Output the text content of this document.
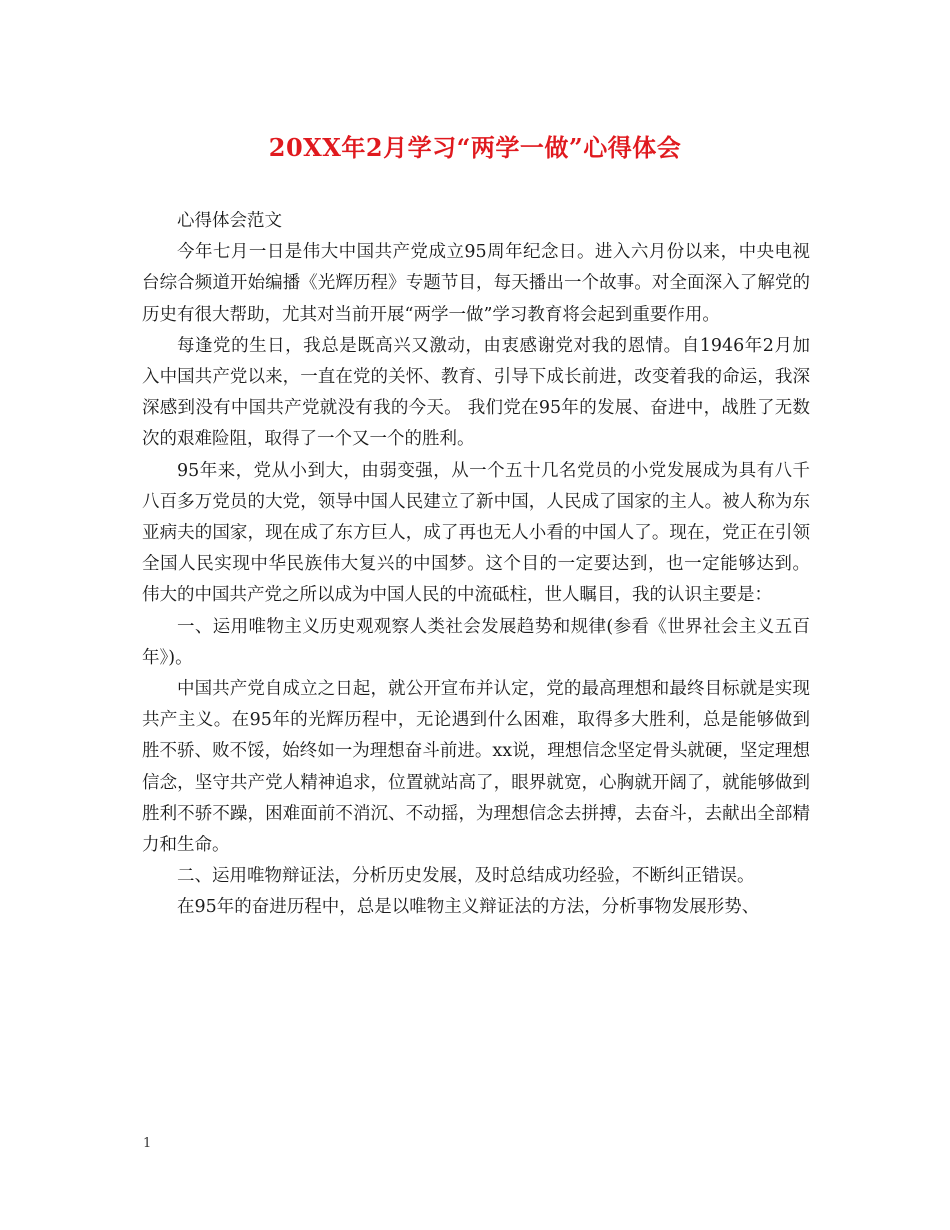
20XX年2月学习“两学一做”心得体会

心得体会范文

今年七月一日是伟大中国共产党成立95周年纪念日。进入六月份以来，中央电视台综合频道开始编播《光辉历程》专题节目，每天播出一个故事。对全面深入了解党的历史有很大帮助，尤其对当前开展“两学一做”学习教育将会起到重要作用。

每逢党的生日，我总是既高兴又激动，由衷感谢党对我的恩情。自1946年2月加入中国共产党以来，一直在党的关怀、教育、引导下成长前进，改变着我的命运，我深深感到没有中国共产党就没有我的今天。 我们党在95年的发展、奋进中，战胜了无数次的艰难险阻，取得了一个又一个的胜利。

95年来，党从小到大，由弱变强，从一个五十几名党员的小党发展成为具有八千八百多万党员的大党，领导中国人民建立了新中国，人民成了国家的主人。被人称为东亚病夫的国家，现在成了东方巨人，成了再也无人小看的中国人了。现在，党正在引领全国人民实现中华民族伟大复兴的中国梦。这个目的一定要达到，也一定能够达到。 伟大的中国共产党之所以成为中国人民的中流砥柱，世人瞩目，我的认识主要是：

一、运用唯物主义历史观观察人类社会发展趋势和规律(参看《世界社会主义五百年》)。

中国共产党自成立之日起，就公开宣布并认定，党的最高理想和最终目标就是实现共产主义。在95年的光辉历程中，无论遇到什么困难，取得多大胜利，总是能够做到胜不骄、败不馁，始终如一为理想奋斗前进。xx说，理想信念坚定骨头就硬，坚定理想信念，坚守共产党人精神追求，位置就站高了，眼界就宽，心胸就开阔了，就能够做到胜利不骄不躁，困难面前不消沉、不动摇，为理想信念去拼搏，去奋斗，去献出全部精力和生命。

二、运用唯物辩证法，分析历史发展，及时总结成功经验，不断纠正错误。

在95年的奋进历程中，总是以唯物主义辩证法的方法，分析事物发展形势、

1
